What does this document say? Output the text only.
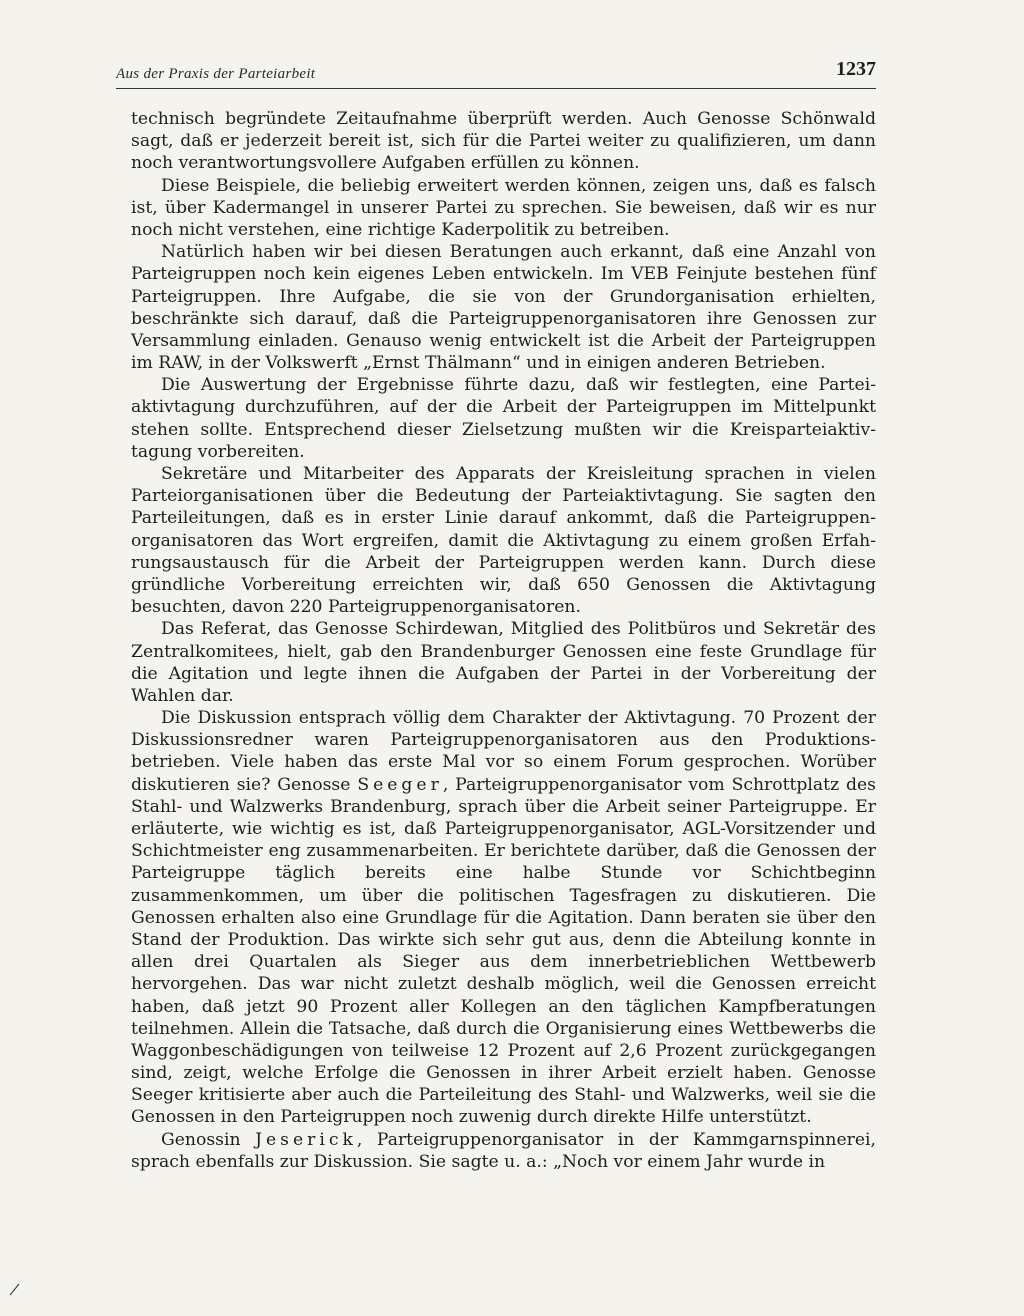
Aus der Praxis der Parteiarbeit	1237

technisch begründete Zeitaufnahme überprüft werden. Auch Genosse Schönwald sagt, daß er jederzeit bereit ist, sich für die Partei weiter zu qualifizieren, um dann noch verantwortungsvollere Aufgaben erfüllen zu können.

Diese Beispiele, die beliebig erweitert werden können, zeigen uns, daß es falsch ist, über Kadermangel in unserer Partei zu sprechen. Sie beweisen, daß wir es nur noch nicht verstehen, eine richtige Kaderpolitik zu betreiben.

Natürlich haben wir bei diesen Beratungen auch erkannt, daß eine Anzahl von Parteigruppen noch kein eigenes Leben entwickeln. Im VEB Feinjute bestehen fünf Parteigruppen. Ihre Aufgabe, die sie von der Grundorganisation erhielten, beschränkte sich darauf, daß die Parteigruppenorganisatoren ihre Genossen zur Versammlung einladen. Genauso wenig entwickelt ist die Arbeit der Parteigruppen im RAW, in der Volkswerft „Ernst Thälmann“ und in einigen anderen Betrieben.

Die Auswertung der Ergebnisse führte dazu, daß wir festlegten, eine Parteiaktivtagung durchzuführen, auf der die Arbeit der Parteigruppen im Mittelpunkt stehen sollte. Entsprechend dieser Zielsetzung mußten wir die Kreisparteiaktivtagung vorbereiten.

Sekretäre und Mitarbeiter des Apparats der Kreisleitung sprachen in vielen Parteiorganisationen über die Bedeutung der Parteiaktivtagung. Sie sagten den Parteileitungen, daß es in erster Linie darauf ankommt, daß die Parteigruppenorganisatoren das Wort ergreifen, damit die Aktivtagung zu einem großen Erfahrungsaustausch für die Arbeit der Parteigruppen werden kann. Durch diese gründliche Vorbereitung erreichten wir, daß 650 Genossen die Aktivtagung besuchten, davon 220 Parteigruppenorganisatoren.

Das Referat, das Genosse Schirdewan, Mitglied des Politbüros und Sekretär des Zentralkomitees, hielt, gab den Brandenburger Genossen eine feste Grundlage für die Agitation und legte ihnen die Aufgaben der Partei in der Vorbereitung der Wahlen dar.

Die Diskussion entsprach völlig dem Charakter der Aktivtagung. 70 Prozent der Diskussionsredner waren Parteigruppenorganisatoren aus den Produktionsbetrieben. Viele haben das erste Mal vor so einem Forum gesprochen. Worüber diskutieren sie? Genosse Seeger, Parteigruppenorganisator vom Schrottplatz des Stahl- und Walzwerks Brandenburg, sprach über die Arbeit seiner Parteigruppe. Er erläuterte, wie wichtig es ist, daß Parteigruppenorganisator, AGL-Vorsitzender und Schichtmeister eng zusammenarbeiten. Er berichtete darüber, daß die Genossen der Parteigruppe täglich bereits eine halbe Stunde vor Schichtbeginn zusammenkommen, um über die politischen Tagesfragen zu diskutieren. Die Genossen erhalten also eine Grundlage für die Agitation. Dann beraten sie über den Stand der Produktion. Das wirkte sich sehr gut aus, denn die Abteilung konnte in allen drei Quartalen als Sieger aus dem innerbetrieblichen Wettbewerb hervorgehen. Das war nicht zuletzt deshalb möglich, weil die Genossen erreicht haben, daß jetzt 90 Prozent aller Kollegen an den täglichen Kampfberatungen teilnehmen. Allein die Tatsache, daß durch die Organisierung eines Wettbewerbs die Waggonbeschädigungen von teilweise 12 Prozent auf 2,6 Prozent zurückgegangen sind, zeigt, welche Erfolge die Genossen in ihrer Arbeit erzielt haben. Genosse Seeger kritisierte aber auch die Parteileitung des Stahl- und Walzwerks, weil sie die Genossen in den Parteigruppen noch zuwenig durch direkte Hilfe unterstützt.

Genossin Jeserick, Parteigruppenorganisator in der Kammgarnspinnerei, sprach ebenfalls zur Diskussion. Sie sagte u. a.: „Noch vor einem Jahr wurde in
